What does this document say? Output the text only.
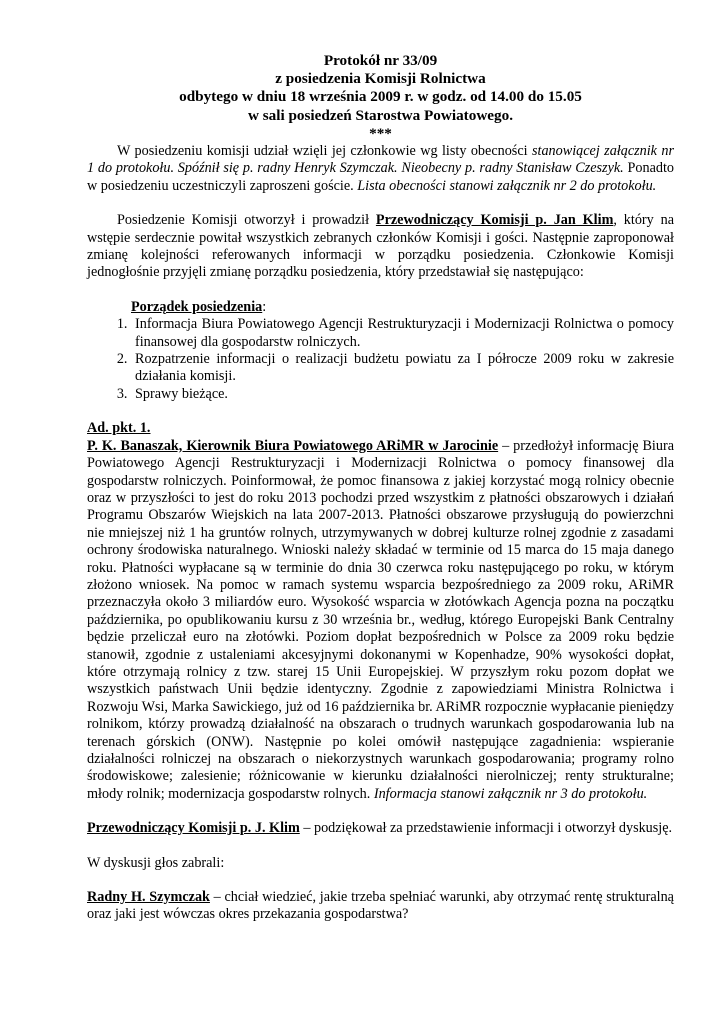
Protokół nr 33/09
z posiedzenia Komisji Rolnictwa
odbytego w dniu 18 września 2009 r. w godz. od 14.00 do 15.05
w sali posiedzeń Starostwa Powiatowego.
***

W posiedzeniu komisji udział wzięli jej członkowie wg listy obecności stanowiącej załącznik nr 1 do protokołu. Spóźnił się p. radny Henryk Szymczak. Nieobecny p. radny Stanisław Czeszyk. Ponadto w posiedzeniu uczestniczyli zaproszeni goście. Lista obecności stanowi załącznik nr 2 do protokołu.

Posiedzenie Komisji otworzył i prowadził Przewodniczący Komisji p. Jan Klim, który na wstępie serdecznie powitał wszystkich zebranych członków Komisji i gości. Następnie zaproponował zmianę kolejności referowanych informacji w porządku posiedzenia. Członkowie Komisji jednogłośnie przyjęli zmianę porządku posiedzenia, który przedstawiał się następująco:

Porządek posiedzenia:
1. Informacja Biura Powiatowego Agencji Restrukturyzacji i Modernizacji Rolnictwa o pomocy finansowej dla gospodarstw rolniczych.
2. Rozpatrzenie informacji o realizacji budżetu powiatu za I półrocze 2009 roku w zakresie działania komisji.
3. Sprawy bieżące.
Ad. pkt. 1.

P. K. Banaszak, Kierownik Biura Powiatowego ARiMR w Jarocinie – przedłożył informację Biura Powiatowego Agencji Restrukturyzacji i Modernizacji Rolnictwa o pomocy finansowej dla gospodarstw rolniczych. Poinformował, że pomoc finansowa z jakiej korzystać mogą rolnicy obecnie oraz w przyszłości to jest do roku 2013 pochodzi przed wszystkim z płatności obszarowych i działań Programu Obszarów Wiejskich na lata 2007-2013. Płatności obszarowe przysługują do powierzchni nie mniejszej niż 1 ha gruntów rolnych, utrzymywanych w dobrej kulturze rolnej zgodnie z zasadami ochrony środowiska naturalnego. Wnioski należy składać w terminie od 15 marca do 15 maja danego roku. Płatności wypłacane są w terminie do dnia 30 czerwca roku następującego po roku, w którym złożono wniosek. Na pomoc w ramach systemu wsparcia bezpośredniego za 2009 roku, ARiMR przeznaczyła około 3 miliardów euro. Wysokość wsparcia w złotówkach Agencja pozna na początku października, po opublikowaniu kursu z 30 września br., według, którego Europejski Bank Centralny będzie przeliczał euro na złotówki. Poziom dopłat bezpośrednich w Polsce za 2009 roku będzie stanowił, zgodnie z ustaleniami akcesyjnymi dokonanymi w Kopenhadze, 90% wysokości dopłat, które otrzymają rolnicy z tzw. starej 15 Unii Europejskiej. W przyszłym roku pozom dopłat we wszystkich państwach Unii będzie identyczny. Zgodnie z zapowiedziami Ministra Rolnictwa i Rozwoju Wsi, Marka Sawickiego, już od 16 października br. ARiMR rozpocznie wypłacanie pieniędzy rolnikom, którzy prowadzą działalność na obszarach o trudnych warunkach gospodarowania lub na terenach górskich (ONW). Następnie po kolei omówił następujące zagadnienia: wspieranie działalności rolniczej na obszarach o niekorzystnych warunkach gospodarowania; programy rolno środowiskowe; zalesienie; różnicowanie w kierunku działalności nierolniczej; renty strukturalne; młody rolnik; modernizacja gospodarstw rolnych. Informacja stanowi załącznik nr 3 do protokołu.

Przewodniczący Komisji p. J. Klim – podziękował za przedstawienie informacji i otworzył dyskusję.

W dyskusji głos zabrali:

Radny H. Szymczak – chciał wiedzieć, jakie trzeba spełniać warunki, aby otrzymać rentę strukturalną oraz jaki jest wówczas okres przekazania gospodarstwa?
